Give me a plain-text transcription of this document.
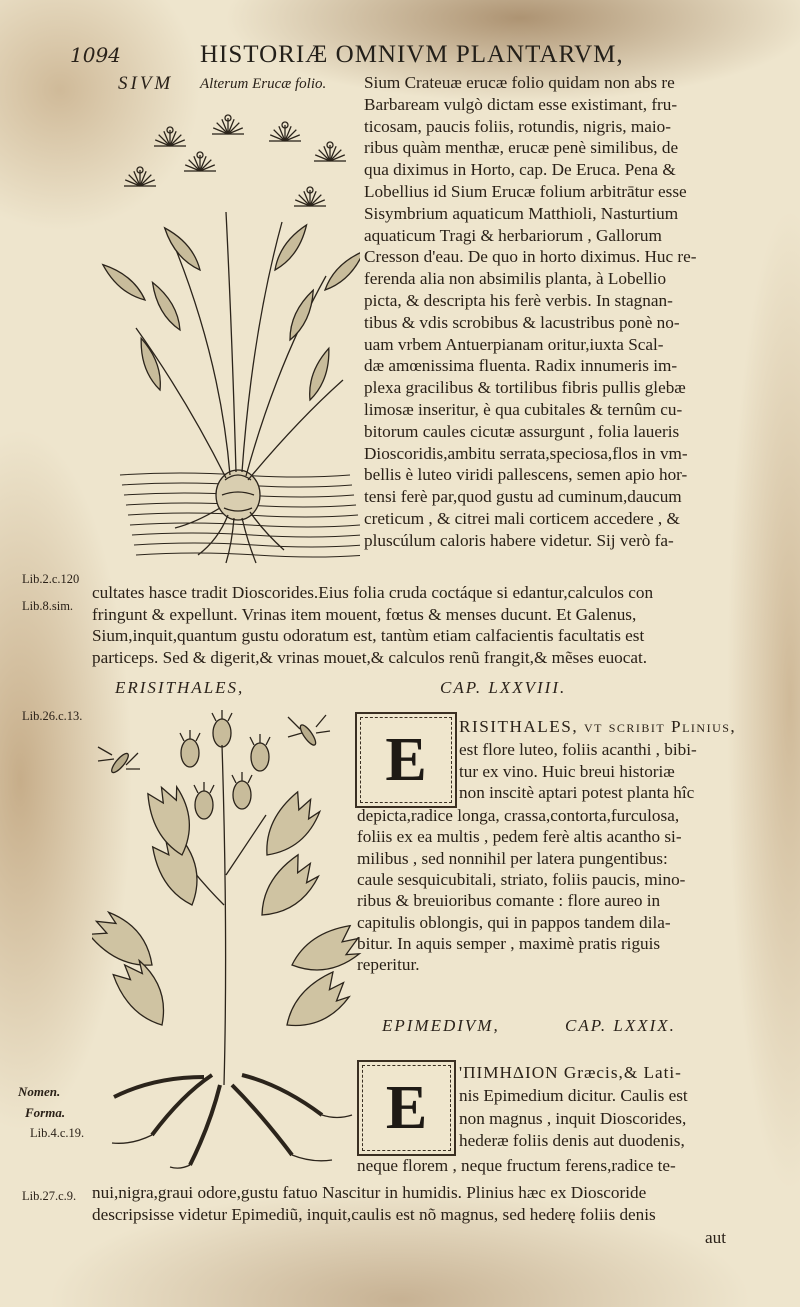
1094	HISTORIÆ OMNIVM PLANTARVM,
SIVM Alterum Erucæ folio. Sium Crateuæ erucæ folio quidam non abs re
Barbaream vulgò dictam esse existimant, fru-
ticosam, paucis foliis, rotundis, nigris, maio-
ribus quàm menthæ, erucæ penè similibus, de
qua diximus in Horto, cap. De Eruca. Pena &
Lobellius id Sium Erucæ folium arbitrātur esse
Sisymbrium aquaticum Matthioli, Nasturtium
aquaticum Tragi & herbariorum , Gallorum
Cresson d'eau. De quo in horto diximus. Huc re-
ferenda alia non absimilis planta, à Lobellio
picta, & descripta his ferè verbis. In stagnan-
tibus & vdis scrobibus & lacustribus ponè no-
uam vrbem Antuerpianam oritur,iuxta Scal-
dæ amœnissima fluenta. Radix innumeris im-
plexa gracilibus & tortilibus fibris pullis glebæ
limosæ inseritur, è qua cubitales & ternûm cu-
bitorum caules cicutæ assurgunt , folia laueris
Dioscoridis,ambitu serrata,speciosa,flos in vm-
bellis è luteo viridi pallescens, semen apio hor-
tensi ferè par,quod gustu ad cuminum,daucum
creticum , & citrei mali corticem accedere , &
pluscúlum caloris habere videtur. Sij verò fa-
Lib.2.c.120
Lib.8.sim.
cultates hasce tradit Dioscorides.Eius folia cruda coctáque si edantur,calculos con
fringunt & expellunt. Vrinas item mouent, fœtus & menses ducunt. Et Galenus,
Sium,inquit,quantum gustu odoratum est, tantùm etiam calfacientis facultatis est
particeps. Sed & digerit,& vrinas mouet,& calculos renũ frangit,& mẽses euocat.
ERISITHALES,	CAP. LXXVIII.
Lib.26.c.13.
E	RISITHALES, vt scribit Plinius,
est flore luteo, foliis acanthi , bibi-
tur ex vino. Huic breui historiæ
non inscitè aptari potest planta hîc
depicta,radice longa, crassa,contorta,furculosa,
foliis ex ea multis , pedem ferè altis acantho si-
milibus , sed nonnihil per latera pungentibus:
caule sesquicubitali, striato, foliis paucis, mino-
ribus & breuioribus comante : flore aureo in
capitulis oblongis, qui in pappos tandem dila-
bitur. In aquis semper , maximè pratis riguis
reperitur.
EPIMEDIVM,	CAP. LXXIX.
E
'ΠΙΜΗΔΙΟΝ Græcis,& Lati-
nis Epimedium dicitur. Caulis est
non magnus , inquit Dioscorides,
hederæ foliis denis aut duodenis,
neque florem , neque fructum ferens,radice te-
Nomen.
Forma.
Lib.4.c.19.
Lib.27.c.9. nui,nigra,graui odore,gustu fatuo Nascitur in humidis. Plinius hæc ex Dioscoride
descripsisse videtur Epimediũ, inquit,caulis est nõ magnus, sed hederę foliis denis
aut
